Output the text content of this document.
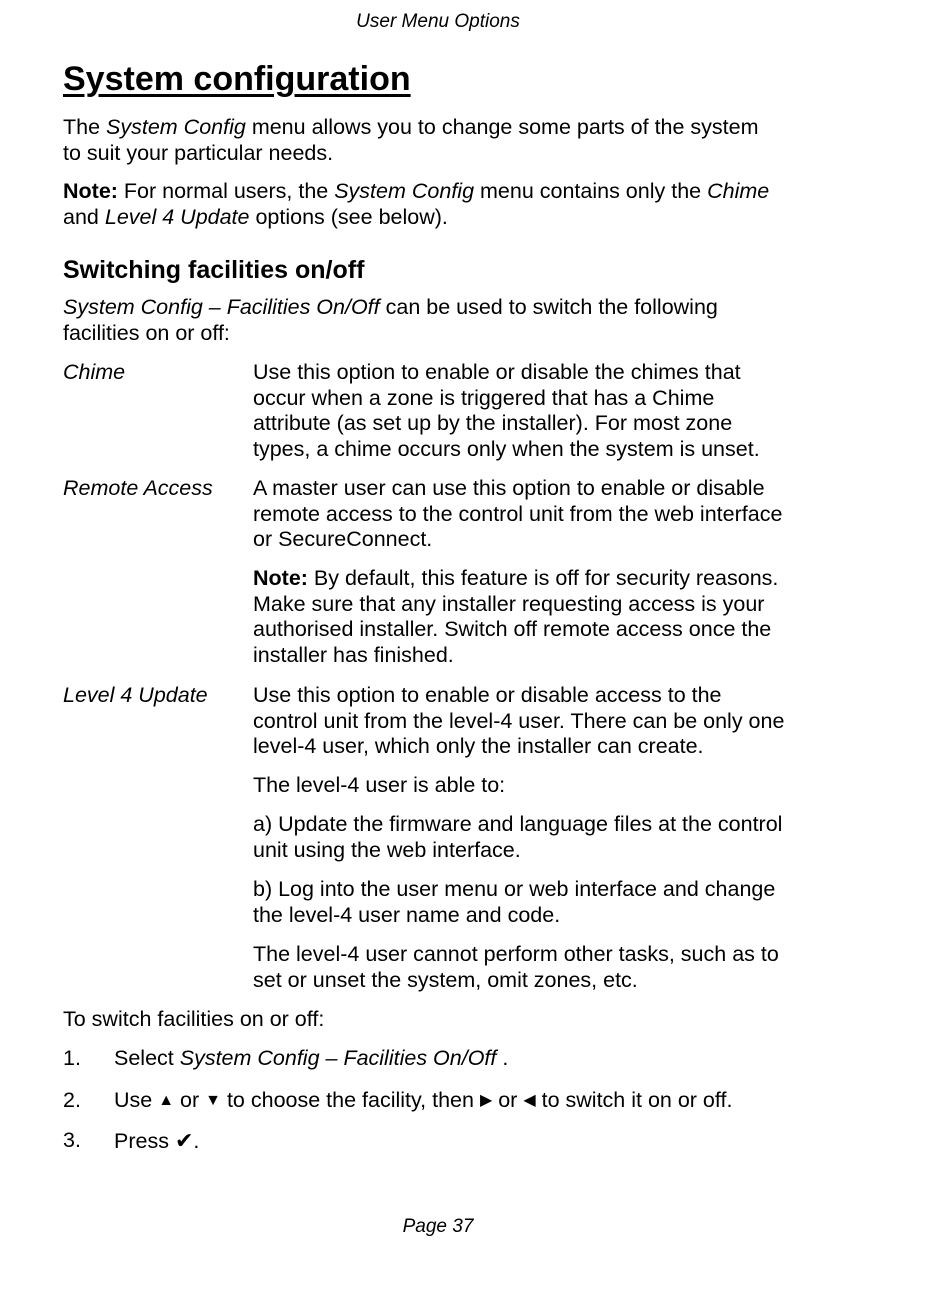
User Menu Options
System configuration

The System Config menu allows you to change some parts of the system
to suit your particular needs.

Note: For normal users, the System Config menu contains only the Chime
and Level 4 Update options (see below).

Switching facilities on/off

System Config – Facilities On/Off can be used to switch the following
facilities on or off:

Chime	Use this option to enable or disable the chimes that
occur when a zone is triggered that has a Chime
attribute (as set up by the installer). For most zone
types, a chime occurs only when the system is unset.

Remote Access A master user can use this option to enable or disable
remote access to the control unit from the web interface
or SecureConnect.

Note: By default, this feature is off for security reasons.
Make sure that any installer requesting access is your
authorised installer. Switch off remote access once the
installer has finished.

Level 4 Update Use this option to enable or disable access to the
control unit from the level-4 user. There can be only one
level-4 user, which only the installer can create.

The level-4 user is able to:

a) Update the firmware and language files at the control
unit using the web interface.

b) Log into the user menu or web interface and change
the level-4 user name and code.

The level-4 user cannot perform other tasks, such as to
set or unset the system, omit zones, etc.

To switch facilities on or off:

1. Select System Config – Facilities On/Off .
2. Use ▲ or ▼ to choose the facility, then ▶ or ◀ to switch it on or off.
3. Press ✔.
Page 37
